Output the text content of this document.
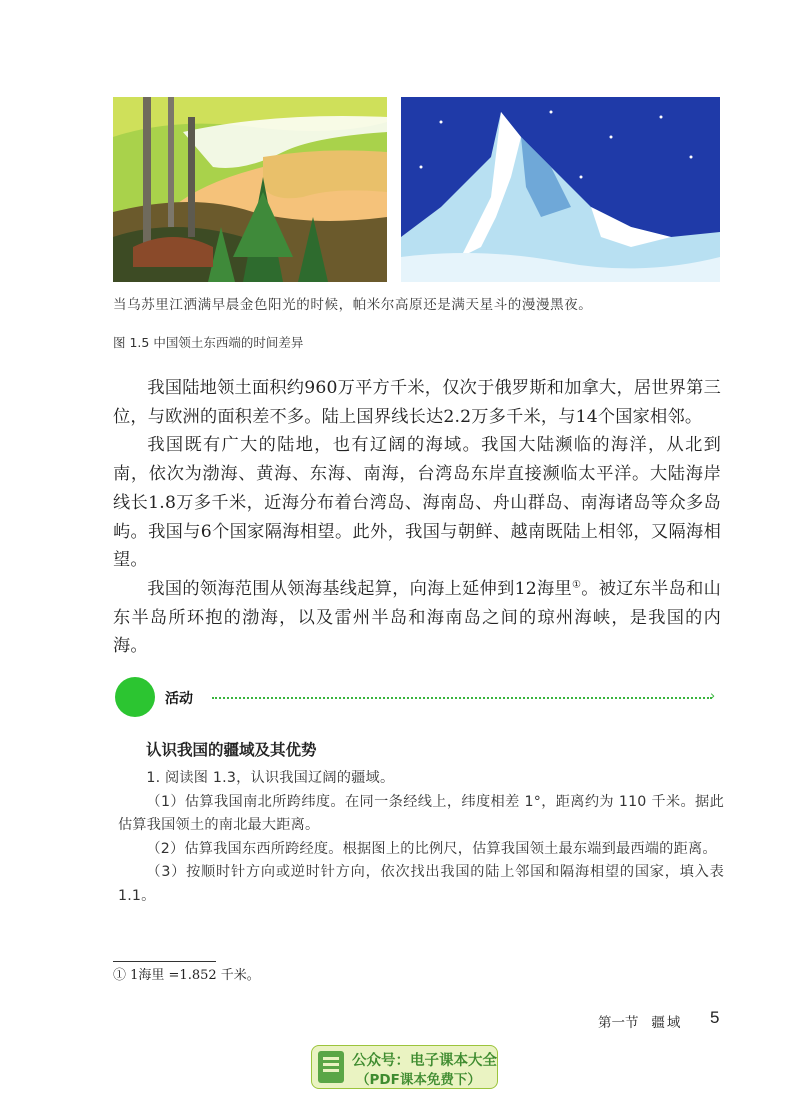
当乌苏里江洒满早晨金色阳光的时候，帕米尔高原还是满天星斗的漫漫黑夜。
图 1.5 中国领土东西端的时间差异

我国陆地领土面积约960万平方千米，仅次于俄罗斯和加拿大，居世界第三位，与欧洲的面积差不多。陆上国界线长达2.2万多千米，与14个国家相邻。

我国既有广大的陆地，也有辽阔的海域。我国大陆濒临的海洋，从北到南，依次为渤海、黄海、东海、南海，台湾岛东岸直接濒临太平洋。大陆海岸线长1.8万多千米，近海分布着台湾岛、海南岛、舟山群岛、南海诸岛等众多岛屿。我国与6个国家隔海相望。此外，我国与朝鲜、越南既陆上相邻，又隔海相望。

我国的领海范围从领海基线起算，向海上延伸到12海里①。被辽东半岛和山东半岛所环抱的渤海，以及雷州半岛和海南岛之间的琼州海峡，是我国的内海。

活动	›
认识我国的疆域及其优势

1. 阅读图 1.3，认识我国辽阔的疆域。

（1）估算我国南北所跨纬度。在同一条经线上，纬度相差 1°，距离约为 110 千米。据此估算我国领土的南北最大距离。

（2）估算我国东西所跨经度。根据图上的比例尺，估算我国领土最东端到最西端的距离。

（3）按顺时针方向或逆时针方向，依次找出我国的陆上邻国和隔海相望的国家，填入表 1.1。

① 1海里 =1.852 千米。
第一节 疆域 5
公众号：电子课本大全
（PDF课本免费下）
